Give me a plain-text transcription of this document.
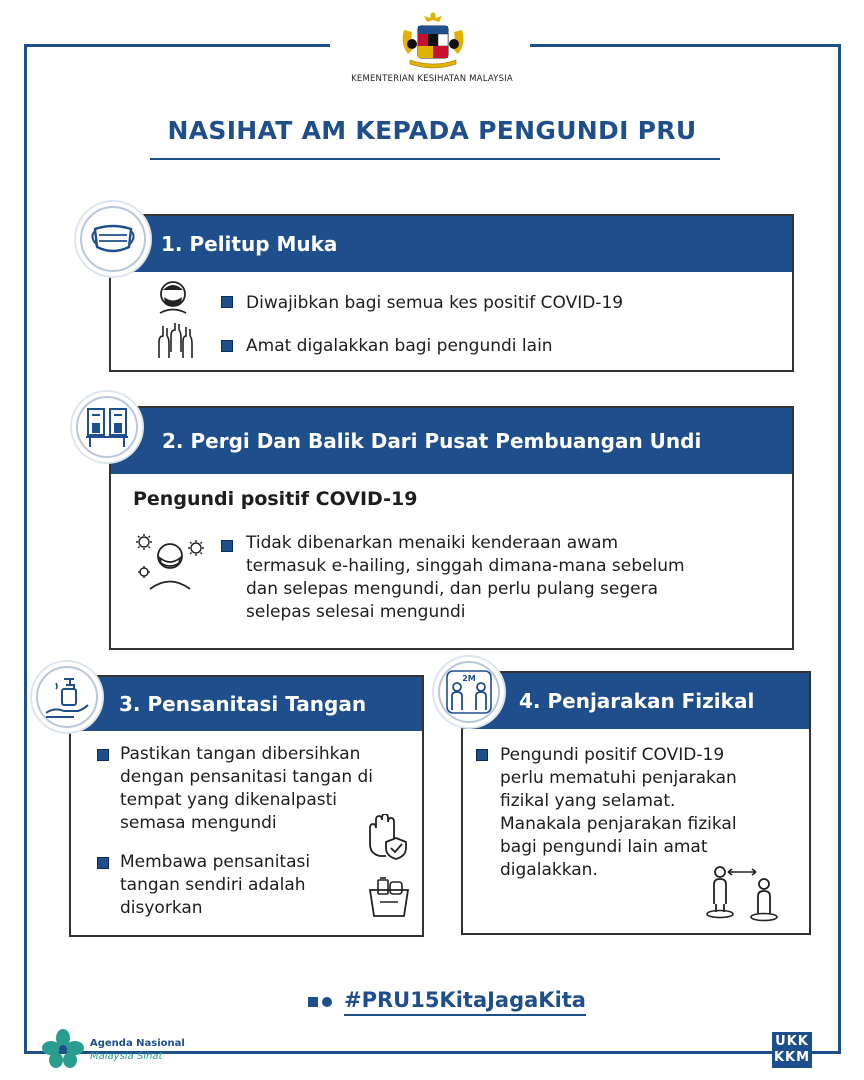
KEMENTERIAN KESIHATAN MALAYSIA
NASIHAT AM KEPADA PENGUNDI PRU
1. Pelitup Muka
Diwajibkan bagi semua kes positif COVID-19
Amat digalakkan bagi pengundi lain
2. Pergi Dan Balik Dari Pusat Pembuangan Undi
Pengundi positif COVID-19
Tidak dibenarkan menaiki kenderaan awam
termasuk e-hailing, singgah dimana-mana sebelum
dan selepas mengundi, dan perlu pulang segera
selepas selesai mengundi
3. Pensanitasi Tangan
Pastikan tangan dibersihkan
dengan pensanitasi tangan di
tempat yang dikenalpasti
semasa mengundi
Membawa pensanitasi
tangan sendiri adalah
disyorkan
4. Penjarakan Fizikal
2M
Pengundi positif COVID-19
perlu mematuhi penjarakan
fizikal yang selamat.
Manakala penjarakan fizikal
bagi pengundi lain amat
digalakkan.
#PRU15KitaJagaKita
Agenda Nasional
Malaysia Sihat
UKK
KKM
